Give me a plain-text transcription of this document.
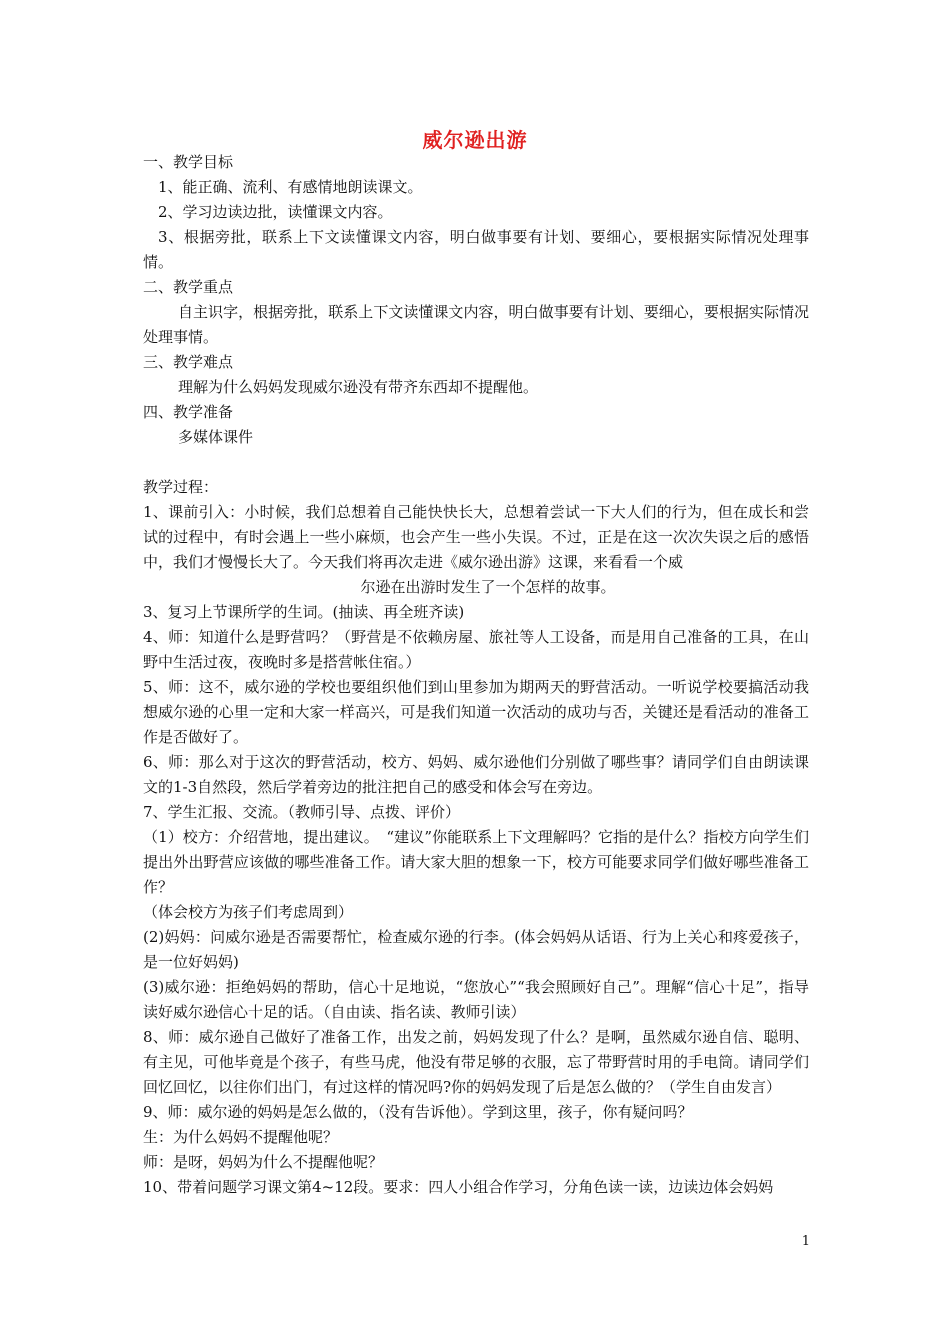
威尔逊出游

一、教学目标

1、能正确、流利、有感情地朗读课文。

2、学习边读边批，读懂课文内容。

3、根据旁批，联系上下文读懂课文内容，明白做事要有计划、要细心，要根据实际情况处理事情。

二、教学重点

自主识字，根据旁批，联系上下文读懂课文内容，明白做事要有计划、要细心，要根据实际情况处理事情。

三、教学难点

理解为什么妈妈发现威尔逊没有带齐东西却不提醒他。

四、教学准备

多媒体课件

教学过程：

1、课前引入：小时候，我们总想着自己能快快长大，总想着尝试一下大人们的行为，但在成长和尝试的过程中，有时会遇上一些小麻烦，也会产生一些小失误。不过，正是在这一次次失误之后的感悟中，我们才慢慢长大了。今天我们将再次走进《威尔逊出游》这课，来看看一个威

尔逊在出游时发生了一个怎样的故事。

3、复习上节课所学的生词。(抽读、再全班齐读)

4、师：知道什么是野营吗？（野营是不依赖房屋、旅社等人工设备，而是用自己准备的工具，在山野中生活过夜，夜晚时多是搭营帐住宿。）

5、师：这不，威尔逊的学校也要组织他们到山里参加为期两天的野营活动。一听说学校要搞活动我想威尔逊的心里一定和大家一样高兴，可是我们知道一次活动的成功与否，关键还是看活动的准备工作是否做好了。

6、师：那么对于这次的野营活动，校方、妈妈、威尔逊他们分别做了哪些事？请同学们自由朗读课文的1-3自然段，然后学着旁边的批注把自己的感受和体会写在旁边。

7、学生汇报、交流。（教师引导、点拨、评价）

（1）校方：介绍营地，提出建议。　“建议”你能联系上下文理解吗？它指的是什么？指校方向学生们提出外出野营应该做的哪些准备工作。请大家大胆的想象一下，校方可能要求同学们做好哪些准备工作？

（体会校方为孩子们考虑周到）

(2)妈妈：问威尔逊是否需要帮忙，检查威尔逊的行李。(体会妈妈从话语、行为上关心和疼爱孩子，是一位好妈妈)

(3)威尔逊：拒绝妈妈的帮助，信心十足地说，“您放心”“我会照顾好自己”。理解“信心十足”，指导读好威尔逊信心十足的话。（自由读、指名读、教师引读）

8、师：威尔逊自己做好了准备工作，出发之前，妈妈发现了什么？是啊，虽然威尔逊自信、聪明、有主见，可他毕竟是个孩子，有些马虎，他没有带足够的衣服，忘了带野营时用的手电筒。请同学们回忆回忆，以往你们出门，有过这样的情况吗?你的妈妈发现了后是怎么做的？（学生自由发言）

9、师：威尔逊的妈妈是怎么做的，（没有告诉他）。学到这里，孩子，你有疑问吗？

生：为什么妈妈不提醒他呢？

师：是呀，妈妈为什么不提醒他呢？

10、带着问题学习课文第4~12段。要求：四人小组合作学习，分角色读一读，边读边体会妈妈

1
